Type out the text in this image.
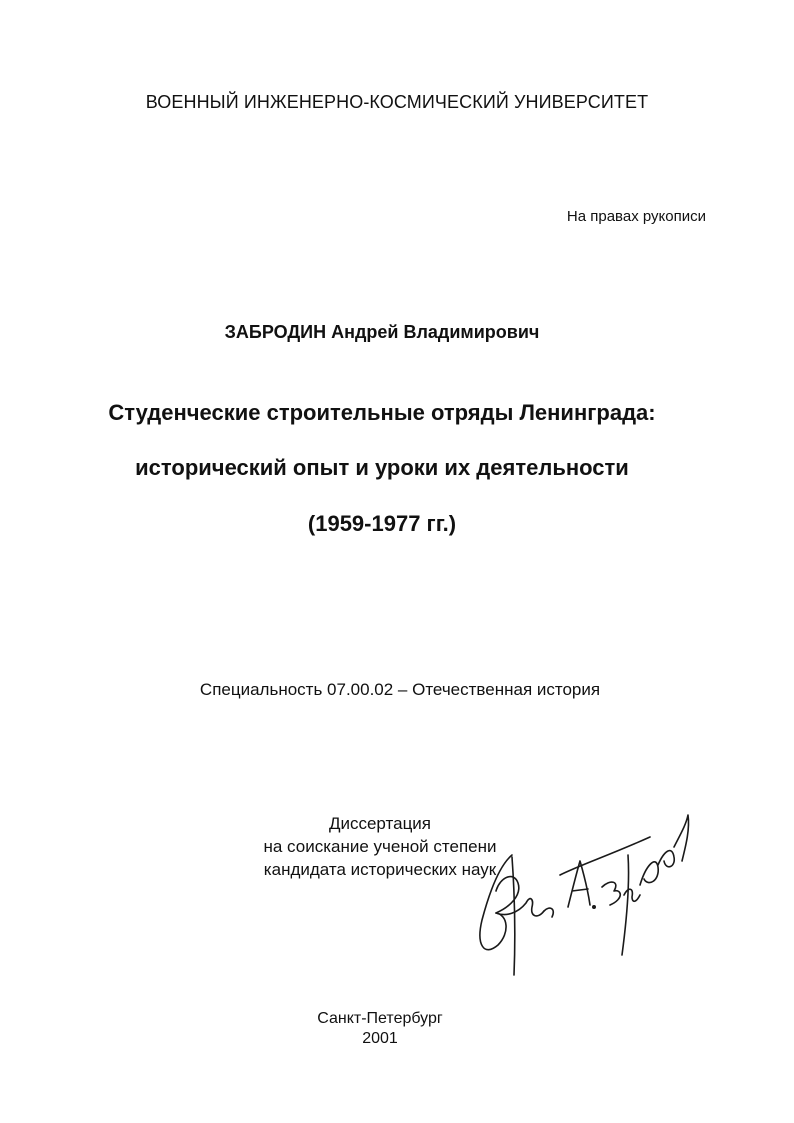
ВОЕННЫЙ ИНЖЕНЕРНО-КОСМИЧЕСКИЙ УНИВЕРСИТЕТ
На правах рукописи
ЗАБРОДИН Андрей Владимирович
Студенческие строительные отряды Ленинграда:
исторический опыт и уроки их деятельности
(1959-1977 гг.)
Специальность 07.00.02 – Отечественная история
Диссертация
на соискание ученой степени
кандидата исторических наук
Санкт-Петербург
2001
